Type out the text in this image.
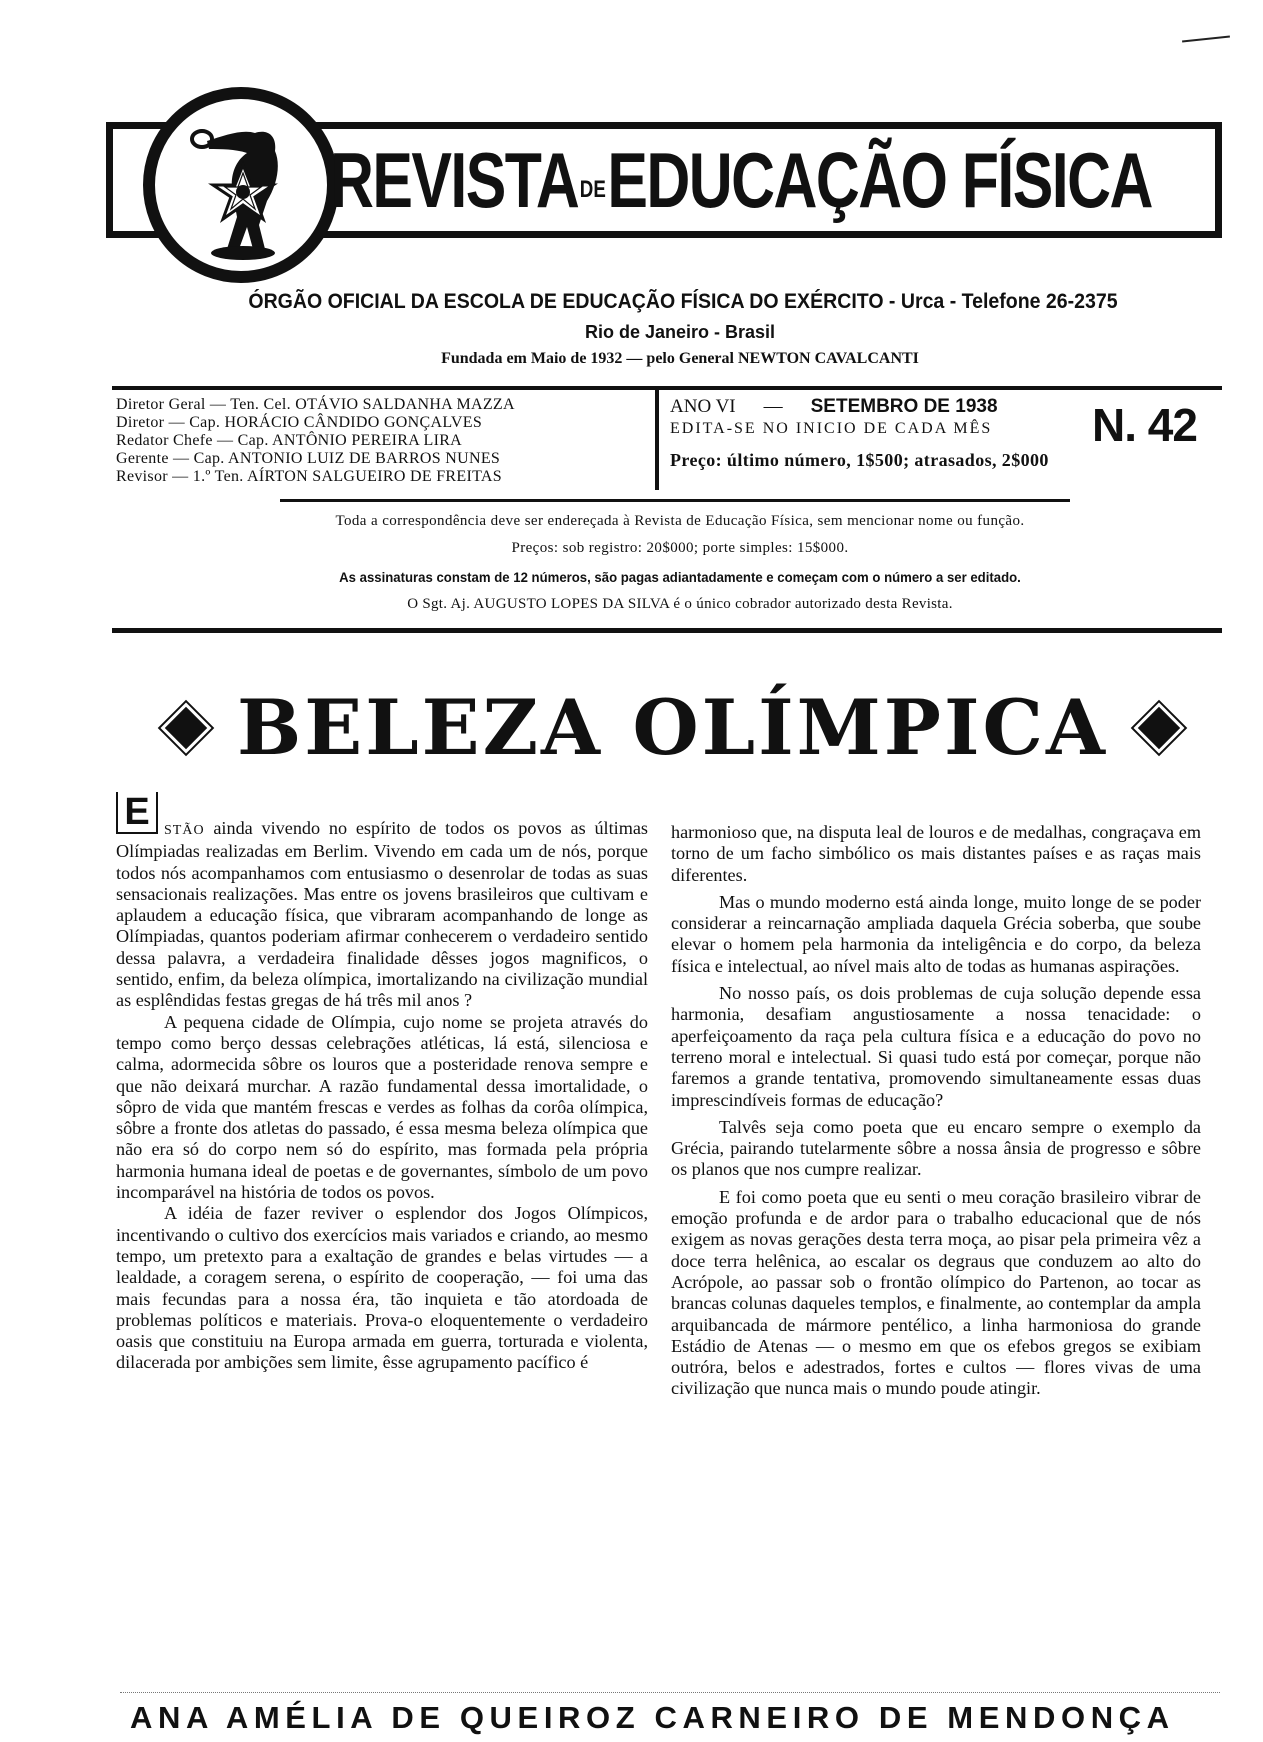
REVISTA DE EDUCAÇÃO FÍSICA
ÓRGÃO OFICIAL DA ESCOLA DE EDUCAÇÃO FÍSICA DO EXÉRCITO - Urca - Telefone 26-2375
Rio de Janeiro - Brasil
Fundada em Maio de 1932 — pelo General NEWTON CAVALCANTI
Diretor Geral — Ten. Cel. OTÁVIO SALDANHA MAZZA
Diretor — Cap. HORÁCIO CÂNDIDO GONÇALVES
Redator Chefe — Cap. ANTÔNIO PEREIRA LIRA
Gerente — Cap. ANTONIO LUIZ DE BARROS NUNES
Revisor — 1.º Ten. AÍRTON SALGUEIRO DE FREITAS
ANO VI — SETEMBRO DE 1938
EDITA-SE NO INICIO DE CADA MÊS	N. 42
Preço: último número, 1$500; atrasados, 2$000
Toda a correspondência deve ser endereçada à Revista de Educação Física, sem mencionar nome ou função.
Preços: sob registro: 20$000; porte simples: 15$000.
As assinaturas constam de 12 números, são pagas adiantadamente e começam com o número a ser editado.
O Sgt. Aj. AUGUSTO LOPES DA SILVA é o único cobrador autorizado desta Revista.
BELEZA OLÍMPICA

E	STÃO ainda vivendo no espírito de todos os povos as últimas Olímpiadas realizadas em Berlim. Vivendo em cada um de nós, porque todos nós acompanhamos com entusiasmo o desenrolar de todas as suas sensacionais realizações. Mas entre os jovens brasileiros que cultivam e aplaudem a educação física, que vibraram acompanhando de longe as Olímpiadas, quantos poderiam afirmar conhecerem o verdadeiro sentido dessa palavra, a verdadeira finalidade dêsses jogos magnificos, o sentido, enfim, da beleza olímpica, imortalizando na civilização mundial as esplêndidas festas gregas de há três mil anos ?

A pequena cidade de Olímpia, cujo nome se projeta através do tempo como berço dessas celebrações atléticas, lá está, silenciosa e calma, adormecida sôbre os louros que a posteridade renova sempre e que não deixará murchar. A razão fundamental dessa imortalidade, o sôpro de vida que mantém frescas e verdes as folhas da corôa olímpica, sôbre a fronte dos atletas do passado, é essa mesma beleza olímpica que não era só do corpo nem só do espírito, mas formada pela própria harmonia humana ideal de poetas e de governantes, símbolo de um povo incomparável na história de todos os povos.

A idéia de fazer reviver o esplendor dos Jogos Olímpicos, incentivando o cultivo dos exercícios mais variados e criando, ao mesmo tempo, um pretexto para a exaltação de grandes e belas virtudes — a lealdade, a coragem serena, o espírito de cooperação, — foi uma das mais fecundas para a nossa éra, tão inquieta e tão atordoada de problemas políticos e materiais. Prova-o eloquentemente o verdadeiro oasis que constituiu na Europa armada em guerra, torturada e violenta, dilacerada por ambições sem limite, êsse agrupamento pacífico é

harmonioso que, na disputa leal de louros e de medalhas, congraçava em torno de um facho simbólico os mais distantes países e as raças mais diferentes.

Mas o mundo moderno está ainda longe, muito longe de se poder considerar a reincarnação ampliada daquela Grécia soberba, que soube elevar o homem pela harmonia da inteligência e do corpo, da beleza física e intelectual, ao nível mais alto de todas as humanas aspirações.

No nosso país, os dois problemas de cuja solução depende essa harmonia, desafiam angustiosamente a nossa tenacidade: o aperfeiçoamento da raça pela cultura física e a educação do povo no terreno moral e intelectual. Si quasi tudo está por começar, porque não faremos a grande tentativa, promovendo simultaneamente essas duas imprescindíveis formas de educação?

Talvês seja como poeta que eu encaro sempre o exemplo da Grécia, pairando tutelarmente sôbre a nossa ânsia de progresso e sôbre os planos que nos cumpre realizar.

E foi como poeta que eu senti o meu coração brasileiro vibrar de emoção profunda e de ardor para o trabalho educacional que de nós exigem as novas gerações desta terra moça, ao pisar pela primeira vêz a doce terra helênica, ao escalar os degraus que conduzem ao alto do Acrópole, ao passar sob o frontão olímpico do Partenon, ao tocar as brancas colunas daqueles templos, e finalmente, ao contemplar da ampla arquibancada de mármore pentélico, a linha harmoniosa do grande Estádio de Atenas — o mesmo em que os efebos gregos se exibiam outróra, belos e adestrados, fortes e cultos — flores vivas de uma civilização que nunca mais o mundo poude atingir.

ANA AMÉLIA DE QUEIROZ CARNEIRO DE MENDONÇA
